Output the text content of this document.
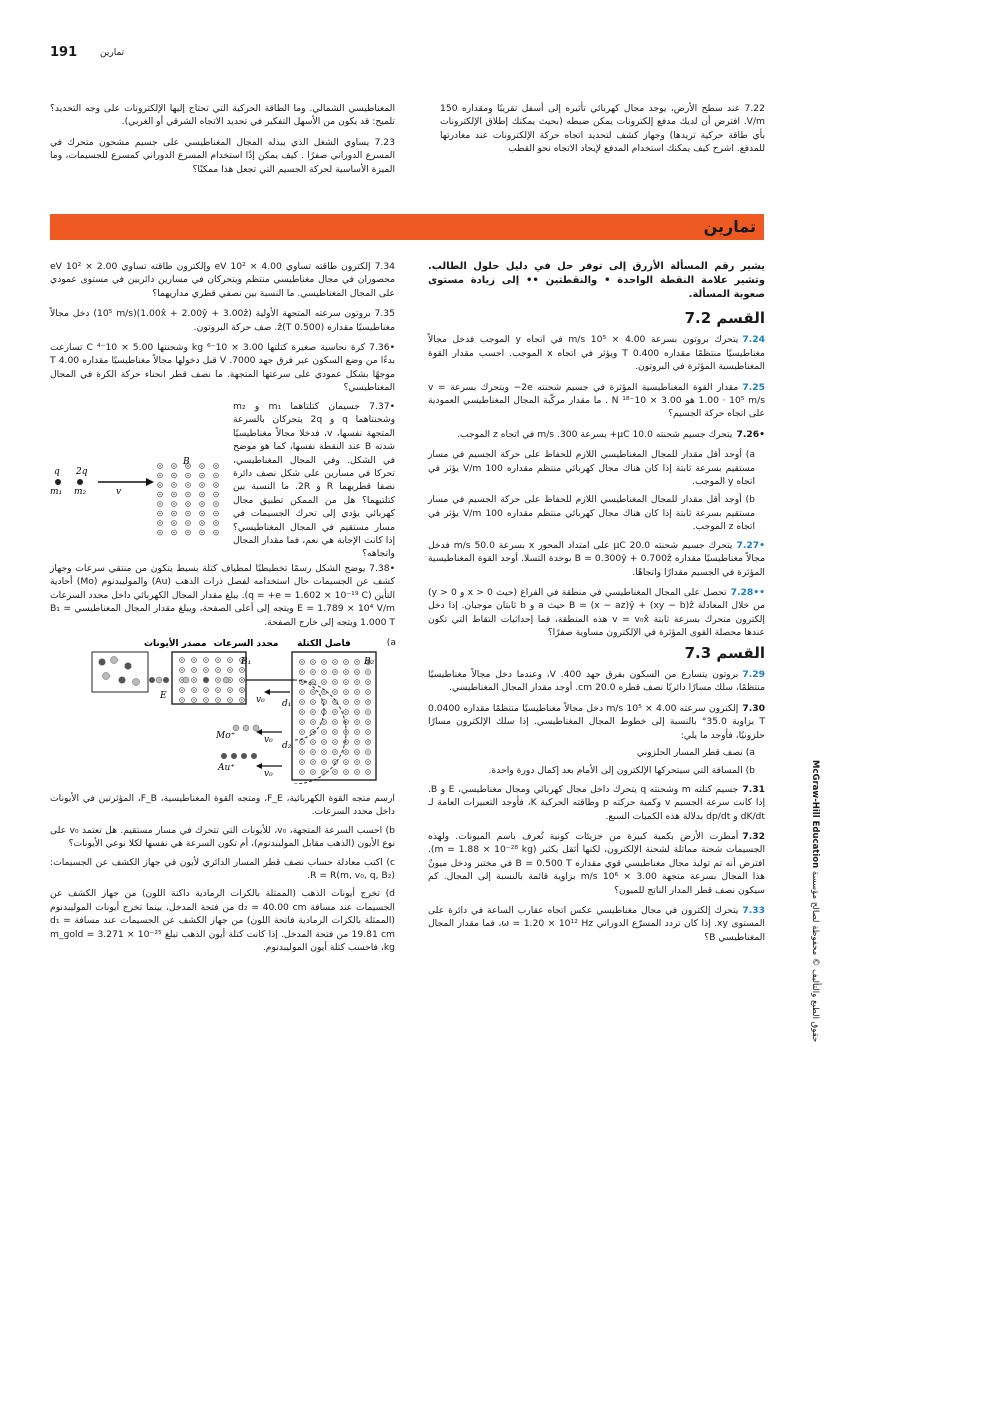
191	تمارين
7.22 عند سطح الأرض، يوجد مجال كهربائي تأثيره إلى أسفل تقريبًا ومقداره 150 V/m. افترض أن لديك مدفع إلكترونات يمكن ضبطه (بحيث يمكنك إطلاق الإلكترونات بأي طاقة حركية تريدها) وجهاز كشف لتحديد اتجاه حركة الإلكترونات عند مغادرتها للمدفع. اشرح كيف يمكنك استخدام المدفع لإيجاد الاتجاه نحو القطب
المغناطيسي الشمالي. وما الطاقة الحركية التي تحتاج إليها الإلكترونات على وجه التحديد؟ تلميح: قد يكون من الأسهل التفكير في تحديد الاتجاه الشرقي أو الغربي).
7.23 يساوي الشغل الذي يبذله المجال المغناطيسي على جسيم مشحون متحرك في المسرع الدوراني صفرًا . كيف يمكن إذًا استخدام المسرع الدوراني كمسرع للجسيمات، وما الميزة الأساسية لحركة الجسيم التي تجعل هذا ممكنًا؟
تمارين
يشير رقم المسألة الأزرق إلى توفر حل في دليل حلول الطالب. وتشير علامة النقطة الواحدة • والنقطتين •• إلى زيادة مستوى صعوبة المسألة.
القسم 7.2
7.24يتحرك بروتون بسرعة 4.00 × 10⁵ m/s في اتجاه y الموجب فدخل مجالاً مغناطيسيًا منتظمًا مقداره 0.400 T ويؤثر في اتجاه x الموجب. احسب مقدار القوة المغناطيسية المؤثرة في البروتون.
7.25مقدار القوة المغناطيسية المؤثرة في جسيم شحنته 2e− ويتحرك بسرعة v = 1.00 · 10⁵ m/s هو 3.00 × 10⁻¹⁸ N . ما مقدار مركّبة المجال المغناطيسي العمودية على اتجاه حركة الجسيم؟
•7.26يتحرك جسيم شحنته 10.0 μC+ بسرعة 300. m/s في اتجاه z الموجب.
a) أوجد أقل مقدار للمجال المغناطيسي اللازم للحفاظ على حركة الجسيم في مسار مستقيم بسرعة ثابتة إذا كان هناك مجال كهربائي منتظم مقداره 100 V/m يؤثر في اتجاه y الموجب.
b) أوجد أقل مقدار للمجال المغناطيسي اللازم للحفاظ على حركة الجسيم في مسار مستقيم بسرعة ثابتة إذا كان هناك مجال كهربائي منتظم مقداره 100 V/m يؤثر في اتجاه z الموجب.
•7.27يتحرك جسيم شحنته 20.0 μC على امتداد المحور x بسرعة 50.0 m/s فدخل مجالاً مغناطيسيًا مقداره B = 0.300ŷ + 0.700ẑ بوحدة التسلا. أوجد القوة المغناطيسية المؤثرة في الجسيم مقدارًا واتجاهًا.
••7.28تحصل على المجال المغناطيسي في منطقة في الفراغ (حيث x > 0 و y > 0) من خلال المعادلة B = (x − az)ŷ + (xy − b)ẑ حيث a و b ثابتان موجبان. إذا دخل إلكترون متحرك بسرعة ثابتة v = v₀x̂ هذه المنطقة، فما إحداثيات التقاط التي تكون عندها محصلة القوى المؤثرة في الإلكترون مساوية صفرًا؟
القسم 7.3
7.29بروتون يتسارع من السكون بفرق جهد 400. V، وعندما دخل مجالاً مغناطيسيًا منتظمًا، سلك مسارًا دائريًا نصف قطره 20.0 cm. أوجد مقدار المجال المغناطيسي.
7.30إلكترون سرعته 4.00 × 10⁵ m/s دخل مجالاً مغناطيسيًا منتظمًا مقداره 0.0400 T بزاوية 35.0° بالنسبة إلى خطوط المجال المغناطيسي. إذا سلك الإلكترون مسارًا حلزونيًا، فأوجد ما يلي:
a) نصف قطر المسار الحلزوني
b) المسافة التي سيتحركها الإلكترون إلى الأمام بعد إكمال دورة واحدة.
7.31جسيم كتلته m وشحنته q يتحرك داخل مجال كهربائي ومجال مغناطيسي، E و B. إذا كانت سرعة الجسيم v وكمية حركته p وطاقته الحركية K، فأوجد التعبيرات العامة لـ dK/dt و dp/dt بدلالة هذه الكميات السبع.
7.32أمطرت الأرض بكمية كبيرة من جزيئات كونية تُعرف باسم الميونات. ولهذه الجسيمات شحنة مماثلة لشحنة الإلكترون، لكنها أثقل بكثير (m = 1.88 × 10⁻²⁸ kg). افترض أنه تم توليد مجال مغناطيسي قوي مقداره B = 0.500 T في مختبر ودخل ميونٌ هذا المجال بسرعة متجهة 3.00 × 10⁶ m/s بزاوية قائمة بالنسبة إلى المجال. كم سيكون نصف قطر المدار الناتج للميون؟
7.33يتحرك إلكترون في مجال مغناطيسي عكس اتجاه عقارب الساعة في دائرة على المستوى xy. إذا كان تردد المسرّع الدوراني ω = 1.20 × 10¹² Hz، فما مقدار المجال المغناطيسي B؟
7.34 إلكترون طاقته تساوي 4.00 × 10² eV وإلكترون طاقته تساوي 2.00 × 10² eV محصوران في مجال مغناطيسي منتظم ويتحركان في مسارين دائريين في مستوى عمودي على المجال المغناطيسي. ما النسبة بين نصفي قطري مداريهما؟
7.35 بروتون سرعته المتجهة الأولية (1.00x̂ + 2.00ŷ + 3.00ẑ)(10⁵ m/s) دخل مجالاً مغناطيسيًا مقداره (0.500 T)ẑ. صف حركة البروتون.
•7.36 كرة نحاسية صغيرة كتلتها 3.00 × 10⁻⁶ kg وشحنتها 5.00 × 10⁻⁴ C تسارعت بدءًا من وضع السكون عبر فرق جهد 7000. V قبل دخولها مجالاً مغناطيسيًا مقداره 4.00 T موجهًا بشكل عمودي على سرعتها المتجهة. ما نصف قطر انحناء حركة الكرة في المجال المغناطيسي؟
•7.37 جسيمان كتلتاهما m₁ و m₂ وشحنتاهما q و 2q يتحركان بالسرعة المتجهة نفسها، v، فدخلا مجالاً مغناطيسيًا شدته B عند النقطة نفسها، كما هو موضح في الشكل. وفي المجال المغناطيسي، تحركا في مسارين على شكل نصف دائرة نصفا قطريهما R و 2R. ما النسبة بين كتلتيهما؟ هل من الممكن تطبيق مجال كهربائي يؤدي إلى تحرك الجسيمات في مسار مستقيم في المجال المغناطيسي؟ إذا كانت الإجابة هي نعم، فما مقدار المجال واتجاهه؟
B
q 2q
m₁ m₂	v
•7.38 يوضح الشكل رسمًا تخطيطيًا لمطياف كتلة بسيط يتكون من منتقي سرعات وجهاز كشف عن الجسيمات حال استخدامه لفصل ذرات الذهب (Au) والموليبدنوم (Mo) أحادية التأين (q = +e = 1.602 × 10⁻¹⁹ C). يبلغ مقدار المجال الكهربائي داخل محدد السرعات E = 1.789 × 10⁴ V/m ويتجه إلى أعلى الصفحة، ويبلغ مقدار المجال المغناطيسي B₁ = 1.000 T ويتجه إلى خارج الصفحة.
a)
مصدر الأيونات محدد السرعات فاصل الكتلة
B₁
E
B₂
d₁
d₂
v₀
v₀
Mo⁺
v₀
Au⁺
ارسم متجه القوة الكهربائية، F_E، ومتجه القوة المغناطيسية، F_B، المؤثرتين في الأيونات داخل محدد السرعات.
b) احسب السرعة المتجهة، v₀، للأيونات التي تتحرك في مسار مستقيم. هل تعتمد v₀ على نوع الأيون (الذهب مقابل الموليبدنوم)، أم تكون السرعة هي نفسها لكلا نوعي الأيونات؟
c) اكتب معادلة حساب نصف قطر المسار الدائري لأيون في جهاز الكشف عن الجسيمات: R = R(m, v₀, q, B₂).
d) تخرج أيونات الذهب (الممثلة بالكرات الرمادية داكنة اللون) من جهاز الكشف عن الجسيمات عند مسافة d₂ = 40.00 cm من فتحة المدخل، بينما تخرج أيونات الموليبدنوم (الممثلة بالكرات الرمادية فاتحة اللون) من جهاز الكشف عن الجسيمات عند مسافة d₁ = 19.81 cm من فتحة المدخل. إذا كانت كتلة أيون الذهب تبلغ m_gold = 3.271 × 10⁻²⁵ kg، فاحسب كتلة أيون الموليبدنوم.
McGraw-Hill Education حقوق الطبع والتأليف © محفوظة لصالح مؤسسة
